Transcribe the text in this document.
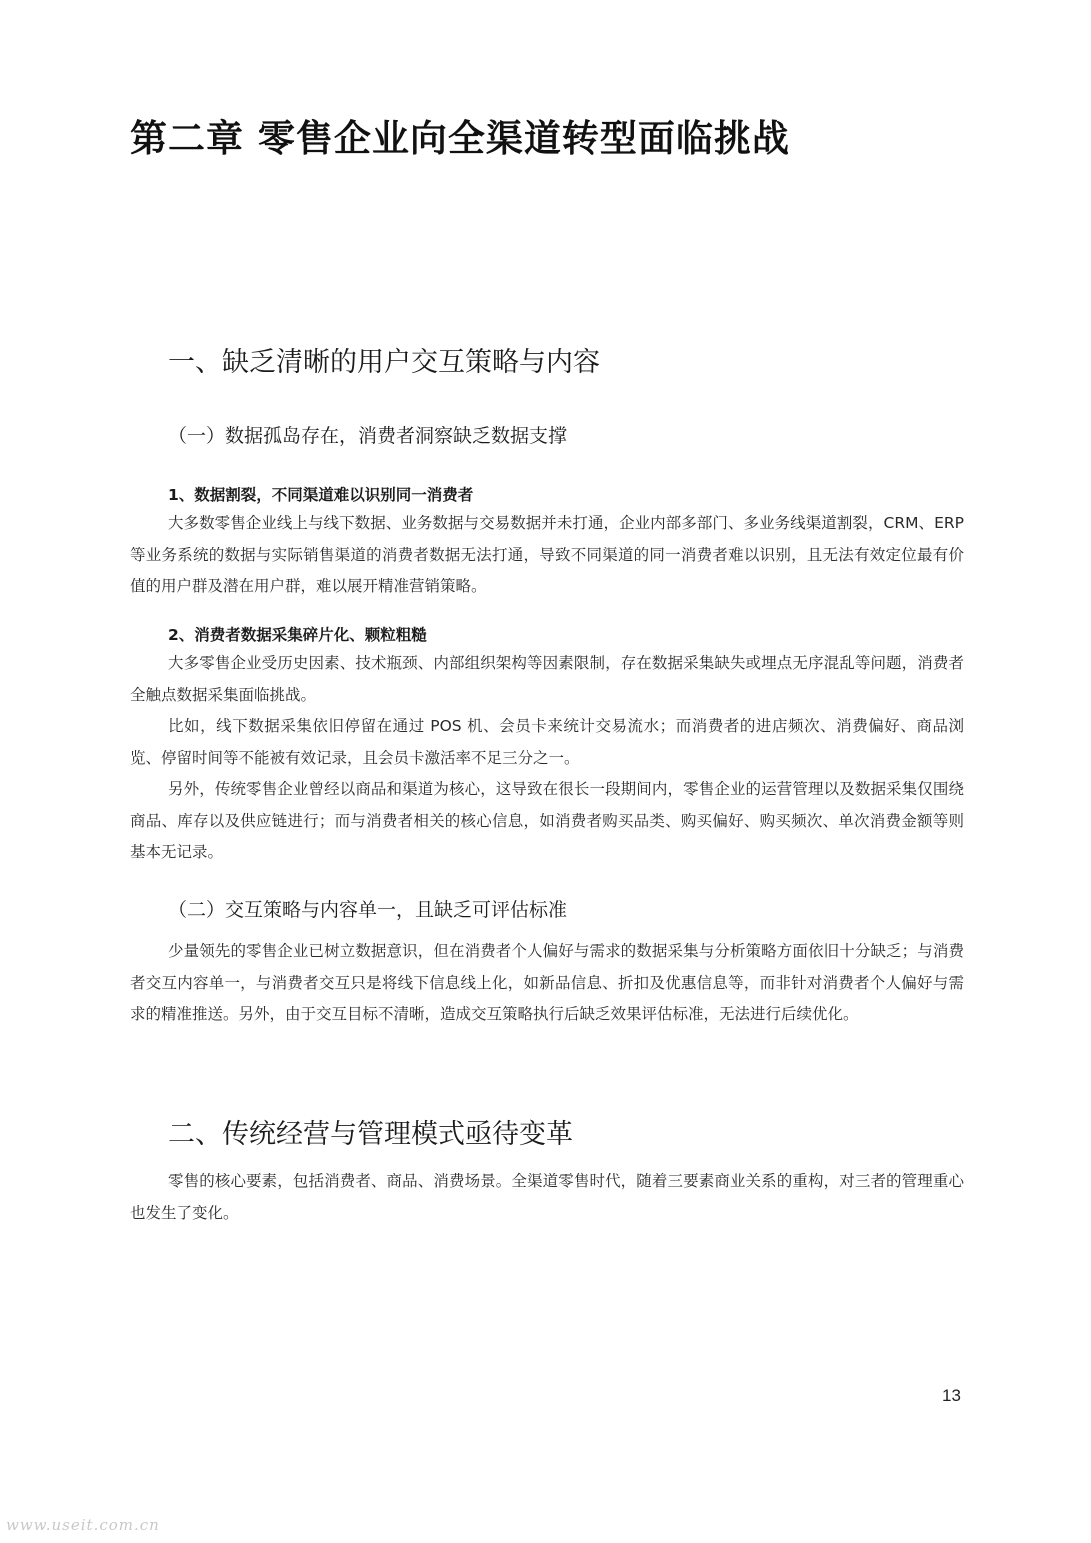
第二章 零售企业向全渠道转型面临挑战
一、缺乏清晰的用户交互策略与内容
（一）数据孤岛存在，消费者洞察缺乏数据支撑
1、数据割裂，不同渠道难以识别同一消费者

大多数零售企业线上与线下数据、业务数据与交易数据并未打通，企业内部多部门、多业务线渠道割裂，CRM、ERP 等业务系统的数据与实际销售渠道的消费者数据无法打通，导致不同渠道的同一消费者难以识别，且无法有效定位最有价值的用户群及潜在用户群，难以展开精准营销策略。

2、消费者数据采集碎片化、颗粒粗糙

大多零售企业受历史因素、技术瓶颈、内部组织架构等因素限制，存在数据采集缺失或埋点无序混乱等问题，消费者全触点数据采集面临挑战。

比如，线下数据采集依旧停留在通过 POS 机、会员卡来统计交易流水；而消费者的进店频次、消费偏好、商品浏览、停留时间等不能被有效记录，且会员卡激活率不足三分之一。

另外，传统零售企业曾经以商品和渠道为核心，这导致在很长一段期间内，零售企业的运营管理以及数据采集仅围绕商品、库存以及供应链进行；而与消费者相关的核心信息，如消费者购买品类、购买偏好、购买频次、单次消费金额等则基本无记录。

（二）交互策略与内容单一，且缺乏可评估标准

少量领先的零售企业已树立数据意识，但在消费者个人偏好与需求的数据采集与分析策略方面依旧十分缺乏；与消费者交互内容单一，与消费者交互只是将线下信息线上化，如新品信息、折扣及优惠信息等，而非针对消费者个人偏好与需求的精准推送。另外，由于交互目标不清晰，造成交互策略执行后缺乏效果评估标准，无法进行后续优化。

二、传统经营与管理模式亟待变革

零售的核心要素，包括消费者、商品、消费场景。全渠道零售时代，随着三要素商业关系的重构，对三者的管理重心也发生了变化。

13
www.useit.com.cn
